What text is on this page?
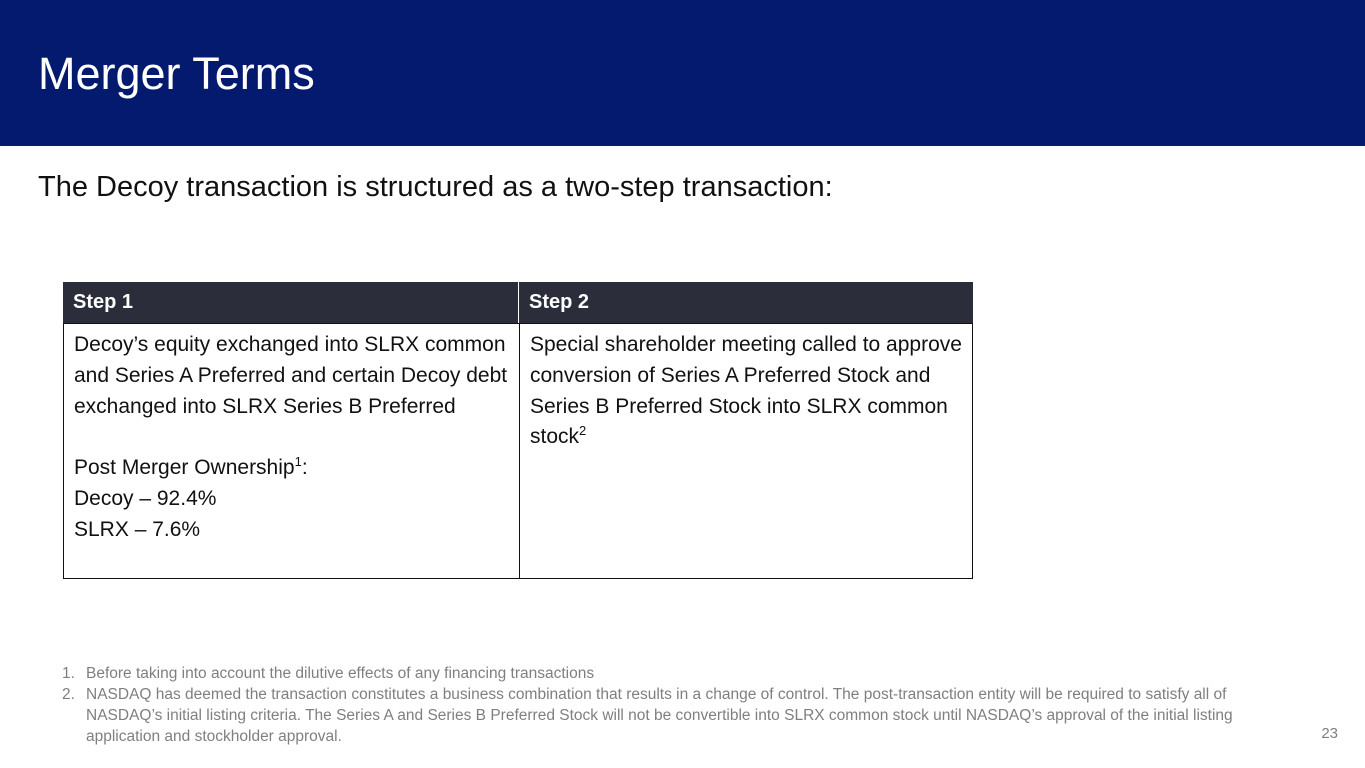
Merger Terms
The Decoy transaction is structured as a two-step transaction:
Step 1	Step 2

Decoy’s equity exchanged into SLRX common and Series A Preferred and certain Decoy debt exchanged into SLRX Series B Preferred

Post Merger Ownership$^1$:

Decoy – 92.4%

SLRX – 7.6%

Special shareholder meeting called to approve conversion of Series A Preferred Stock and Series B Preferred Stock into SLRX common stock$^2$

1. Before taking into account the dilutive effects of any financing transactions
2. NASDAQ has deemed the transaction constitutes a business combination that results in a change of control. The post-transaction entity will be required to satisfy all of NASDAQ’s initial listing criteria. The Series A and Series B Preferred Stock will not be convertible into SLRX common stock until NASDAQ’s approval of the initial listing application and stockholder approval.	23
